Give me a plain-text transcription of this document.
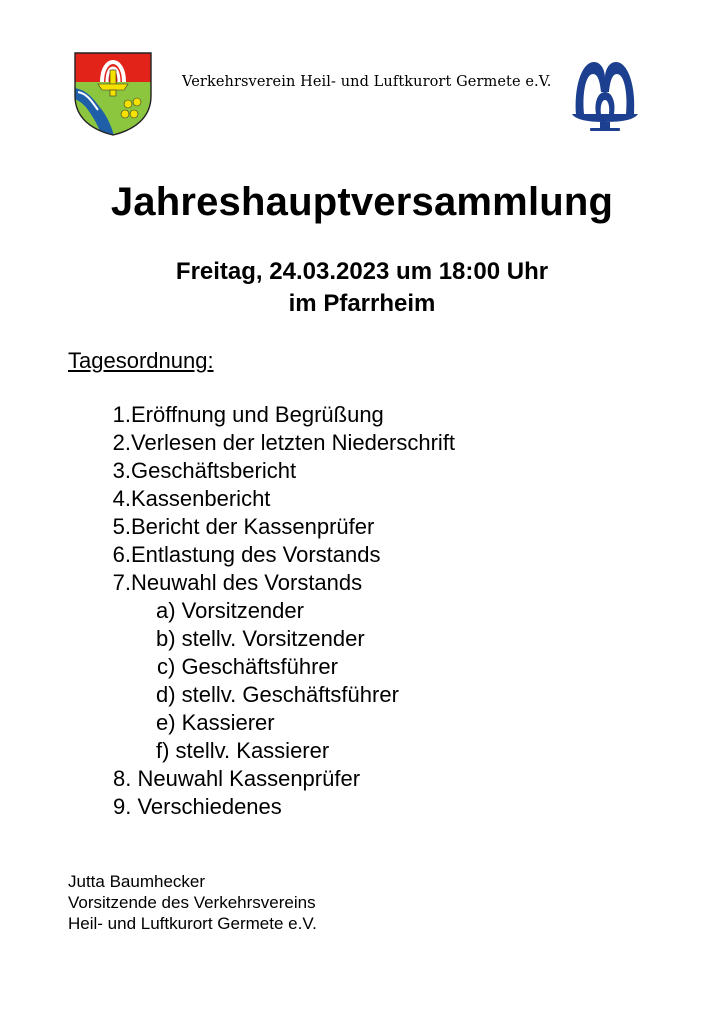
Verkehrsverein Heil- und Luftkurort Germete e.V.
Jahreshauptversammlung
Freitag, 24.03.2023 um 18:00 Uhr
im Pfarrheim
Tagesordnung:
1.Eröffnung und Begrüßung
2.Verlesen der letzten Niederschrift
3.Geschäftsbericht
4.Kassenbericht
5.Bericht der Kassenprüfer
6.Entlastung des Vorstands
7.Neuwahl des Vorstands
a) Vorsitzender
b) stellv. Vorsitzender
c) Geschäftsführer
d) stellv. Geschäftsführer
e) Kassierer
f) stellv. Kassierer
8. Neuwahl Kassenprüfer
9. Verschiedenes
Jutta Baumhecker
Vorsitzende des Verkehrsvereins
Heil- und Luftkurort Germete e.V.
